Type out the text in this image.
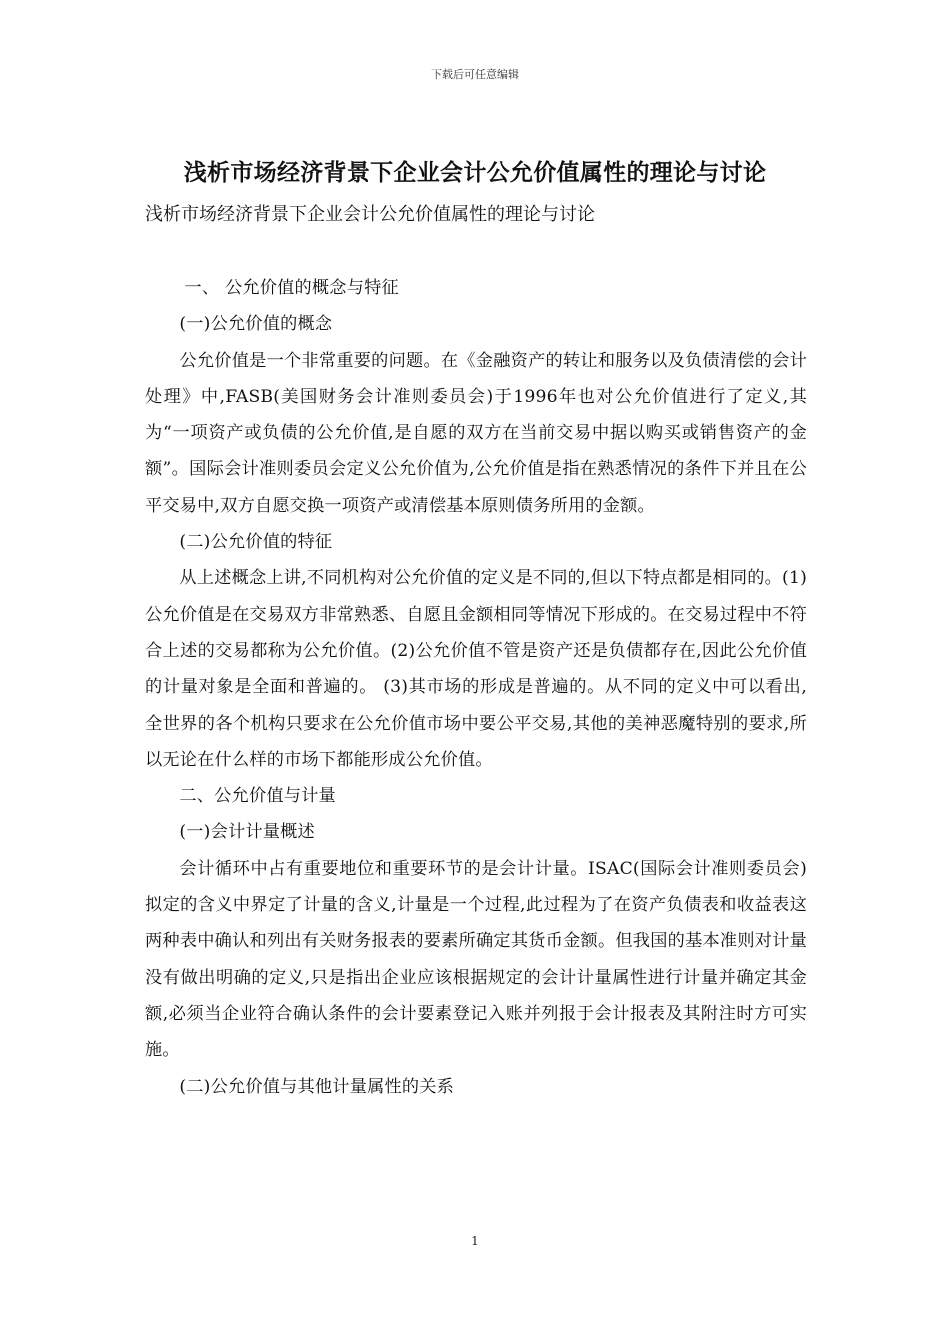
下载后可任意编辑
浅析市场经济背景下企业会计公允价值属性的理论与讨论
浅析市场经济背景下企业会计公允价值属性的理论与讨论

一、 公允价值的概念与特征

(一)公允价值的概念

公允价值是一个非常重要的问题。在《金融资产的转让和服务以及负债清偿的会计处理》中,FASB(美国财务会计准则委员会)于1996年也对公允价值进行了定义,其为“一项资产或负债的公允价值,是自愿的双方在当前交易中据以购买或销售资产的金额”。国际会计准则委员会定义公允价值为,公允价值是指在熟悉情况的条件下并且在公平交易中,双方自愿交换一项资产或清偿基本原则债务所用的金额。

(二)公允价值的特征

从上述概念上讲,不同机构对公允价值的定义是不同的,但以下特点都是相同的。(1)公允价值是在交易双方非常熟悉、自愿且金额相同等情况下形成的。在交易过程中不符合上述的交易都称为公允价值。(2)公允价值不管是资产还是负债都存在,因此公允价值的计量对象是全面和普遍的。 (3)其市场的形成是普遍的。从不同的定义中可以看出,全世界的各个机构只要求在公允价值市场中要公平交易,其他的美神恶魔特别的要求,所以无论在什么样的市场下都能形成公允价值。

二、公允价值与计量

(一)会计计量概述

会计循环中占有重要地位和重要环节的是会计计量。ISAC(国际会计准则委员会)拟定的含义中界定了计量的含义,计量是一个过程,此过程为了在资产负债表和收益表这两种表中确认和列出有关财务报表的要素所确定其货币金额。但我国的基本准则对计量没有做出明确的定义,只是指出企业应该根据规定的会计计量属性进行计量并确定其金额,必须当企业符合确认条件的会计要素登记入账并列报于会计报表及其附注时方可实施。

(二)公允价值与其他计量属性的关系

1
